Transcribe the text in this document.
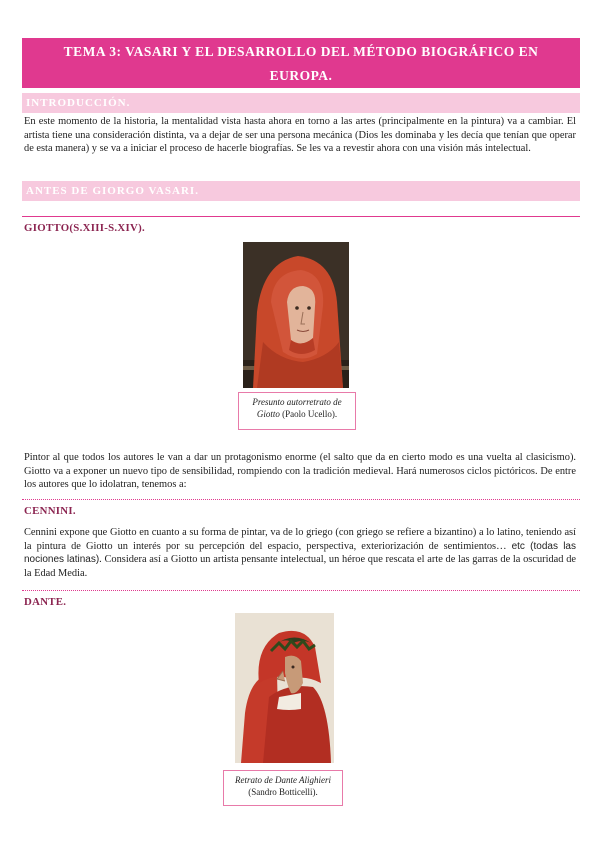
TEMA 3: VASARI Y EL DESARROLLO DEL MÉTODO BIOGRÁFICO EN
EUROPA.
INTRODUCCIÓN.

En este momento de la historia, la mentalidad vista hasta ahora en torno a las artes (principalmente en la pintura) va a cambiar. El artista tiene una consideración distinta, va a dejar de ser una persona mecánica (Dios les dominaba y les decía que tenían que operar de esta manera) y se va a iniciar el proceso de hacerle biografías. Se les va a revestir ahora con una visión más intelectual.

ANTES DE GIORGO VASARI.
GIOTTO(S.XIII-S.XIV).
Presunto autorretrato de Giotto (Paolo Ucello).

Pintor al que todos los autores le van a dar un protagonismo enorme (el salto que da en cierto modo es una vuelta al clasicismo). Giotto va a exponer un nuevo tipo de sensibilidad, rompiendo con la tradición medieval. Hará numerosos ciclos pictóricos. De entre los autores que lo idolatran, tenemos a:

CENNINI.

Cennini expone que Giotto en cuanto a su forma de pintar, va de lo griego (con griego se refiere a bizantino) a lo latino, teniendo así la pintura de Giotto un interés por su percepción del espacio, perspectiva, exteriorización de sentimientos… etc (todas las nociones latinas). Considera así a Giotto un artista pensante intelectual, un héroe que rescata el arte de las garras de la oscuridad de la Edad Media.

DANTE.
Retrato de Dante Alighieri
(Sandro Botticelli).
